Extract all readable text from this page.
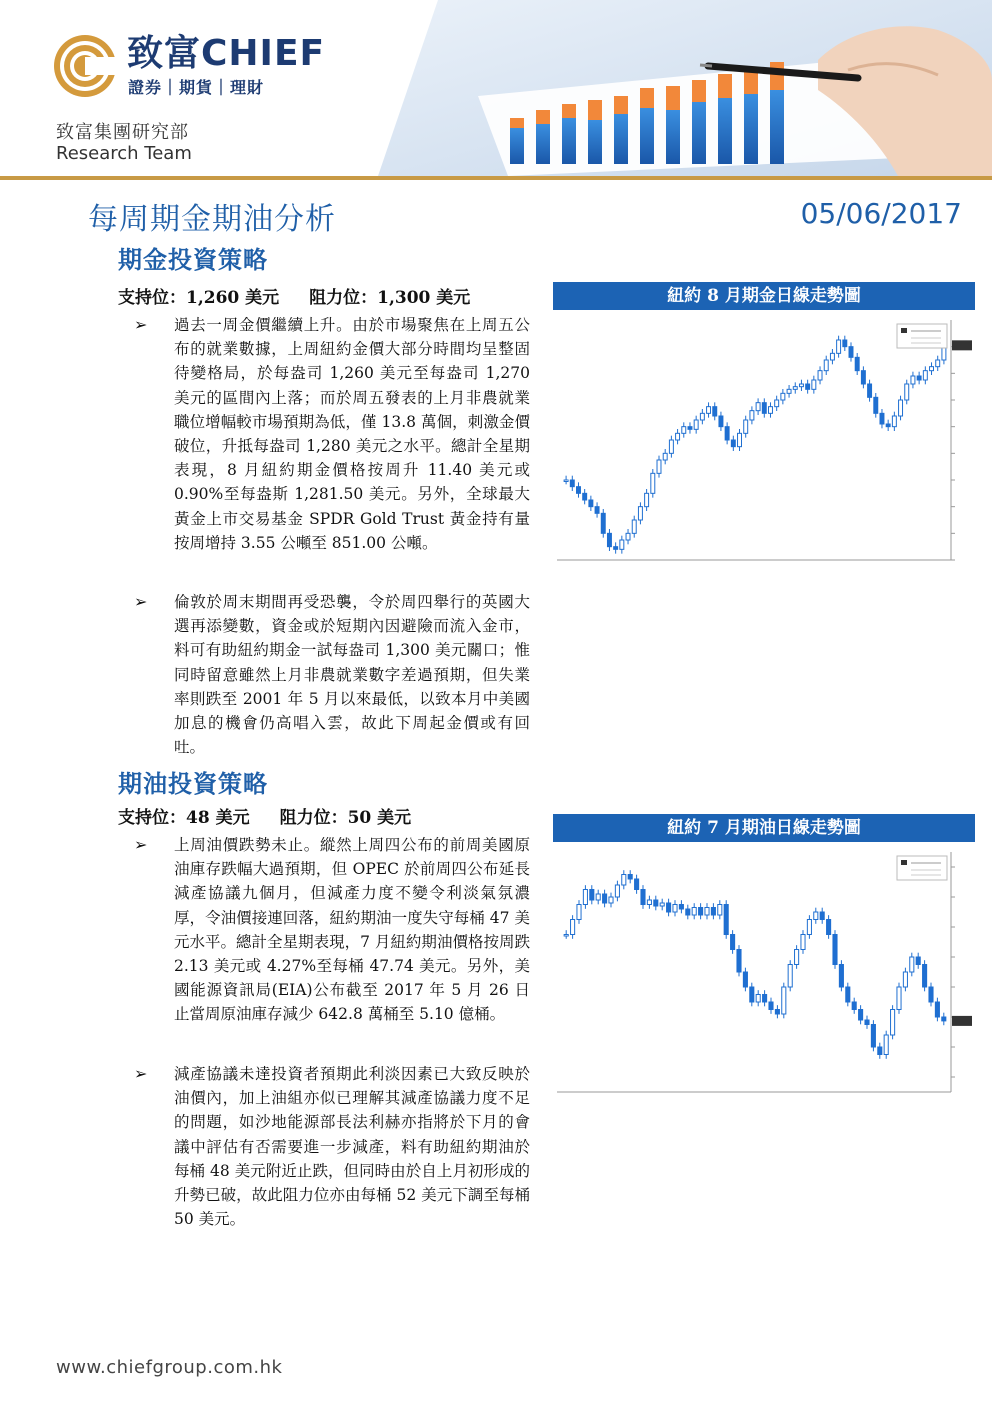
致富CHIEF
證券｜期貨｜理財
致富集團研究部
Research Team
每周期金期油分析	05/06/2017
期金投資策略
支持位：1,260 美元 阻力位：1,300 美元
➢ 過去一周金價繼續上升。由於市場聚焦在上周五公布的就業數據，上周紐約金價大部分時間均呈整固待變格局，於每盎司 1,260 美元至每盎司 1,270 美元的區間內上落；而於周五發表的上月非農就業職位增幅較市場預期為低，僅 13.8 萬個，刺激金價破位，升抵每盎司 1,280 美元之水平。總計全星期表現，8 月紐約期金價格按周升 11.40 美元或 0.90%至每盎斯 1,281.50 美元。另外，全球最大黃金上市交易基金 SPDR Gold Trust 黃金持有量按周增持 3.55 公噸至 851.00 公噸。

➢ 倫敦於周末期間再受恐襲，令於周四舉行的英國大選再添變數，資金或於短期內因避險而流入金市，料可有助紐約期金一試每盎司 1,300 美元關口；惟同時留意雖然上月非農就業數字差過預期，但失業率則跌至 2001 年 5 月以來最低，以致本月中美國加息的機會仍高唱入雲，故此下周起金價或有回吐。

紐約 8 月期金日線走勢圖
期油投資策略
支持位：48 美元 阻力位：50 美元
➢ 上周油價跌勢未止。縱然上周四公布的前周美國原油庫存跌幅大過預期，但 OPEC 於前周四公布延長減產協議九個月，但減產力度不變令利淡氣氛濃厚，令油價接連回落，紐約期油一度失守每桶 47 美元水平。總計全星期表現，7 月紐約期油價格按周跌 2.13 美元或 4.27%至每桶 47.74 美元。另外，美國能源資訊局(EIA)公布截至 2017 年 5 月 26 日止當周原油庫存減少 642.8 萬桶至 5.10 億桶。

➢ 減產協議未達投資者預期此利淡因素已大致反映於油價內，加上油組亦似已理解其減產協議力度不足的問題，如沙地能源部長法利赫亦指將於下月的會議中評估有否需要進一步減產，料有助紐約期油於每桶 48 美元附近止跌，但同時由於自上月初形成的升勢已破，故此阻力位亦由每桶 52 美元下調至每桶 50 美元。

紐約 7 月期油日線走勢圖
www.chiefgroup.com.hk
